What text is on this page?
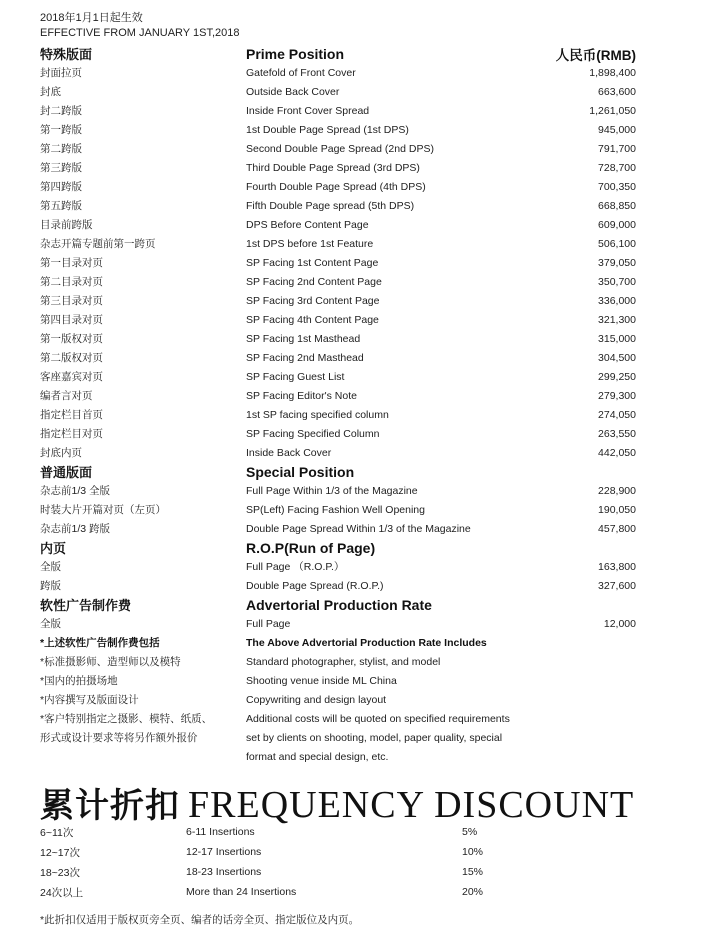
2018年1月1日起生效
EFFECTIVE FROM JANUARY 1ST,2018
特殊版面	Prime Position	人民币(RMB)
封面拉页	Gatefold of Front Cover	1,898,400
封底	Outside Back Cover	663,600
封二跨版	Inside Front Cover Spread	1,261,050
第一跨版	1st Double Page Spread (1st DPS)	945,000
第二跨版	Second Double Page Spread (2nd DPS)	791,700
第三跨版	Third Double Page Spread (3rd DPS)	728,700
第四跨版	Fourth Double Page Spread (4th DPS)	700,350
第五跨版	Fifth Double Page spread (5th DPS)	668,850
目录前跨版	DPS Before Content Page	609,000
杂志开篇专题前第一跨页	1st DPS before 1st Feature	506,100
第一目录对页	SP Facing 1st Content Page	379,050
第二目录对页	SP Facing 2nd Content Page	350,700
第三目录对页	SP Facing 3rd Content Page	336,000
第四目录对页	SP Facing 4th Content Page	321,300
第一版权对页	SP Facing 1st Masthead	315,000
第二版权对页	SP Facing 2nd Masthead	304,500
客座嘉宾对页	SP Facing Guest List	299,250
编者言对页	SP Facing Editor's Note	279,300
指定栏目首页	1st SP facing specified column	274,050
指定栏目对页	SP Facing Specified Column	263,550
封底内页	Inside Back Cover	442,050
普通版面	Special Position
杂志前1/3 全版	Full Page Within 1/3 of the Magazine	228,900
时装大片开篇对页（左页）	SP(Left) Facing Fashion Well Opening	190,050
杂志前1/3 跨版	Double Page Spread Within 1/3 of the Magazine	457,800
内页	R.O.P(Run of Page)
全版	Full Page （R.O.P.）	163,800
跨版	Double Page Spread (R.O.P.)	327,600
软性广告制作费	Advertorial Production Rate
全版	Full Page	12,000
*上述软性广告制作费包括	The Above Advertorial Production Rate Includes
*标准摄影师、造型师以及模特	Standard photographer, stylist, and model
*国内的拍摄场地	Shooting venue inside ML China
*内容撰写及版面设计	Copywriting and design layout
*客户特别指定之摄影、模特、纸质、	Additional costs will be quoted on specified requirements
形式或设计要求等将另作额外报价	set by clients on shooting, model, paper quality, special
format and special design, etc.
累计折扣 FREQUENCY DISCOUNT
6~11次	6-11 Insertions	5%
12~17次	12-17 Insertions	10%
18~23次	18-23 Insertions	15%
24次以上	More than 24 Insertions	20%
*此折扣仅适用于版权页旁全页、编者的话旁全页、指定版位及内页。
